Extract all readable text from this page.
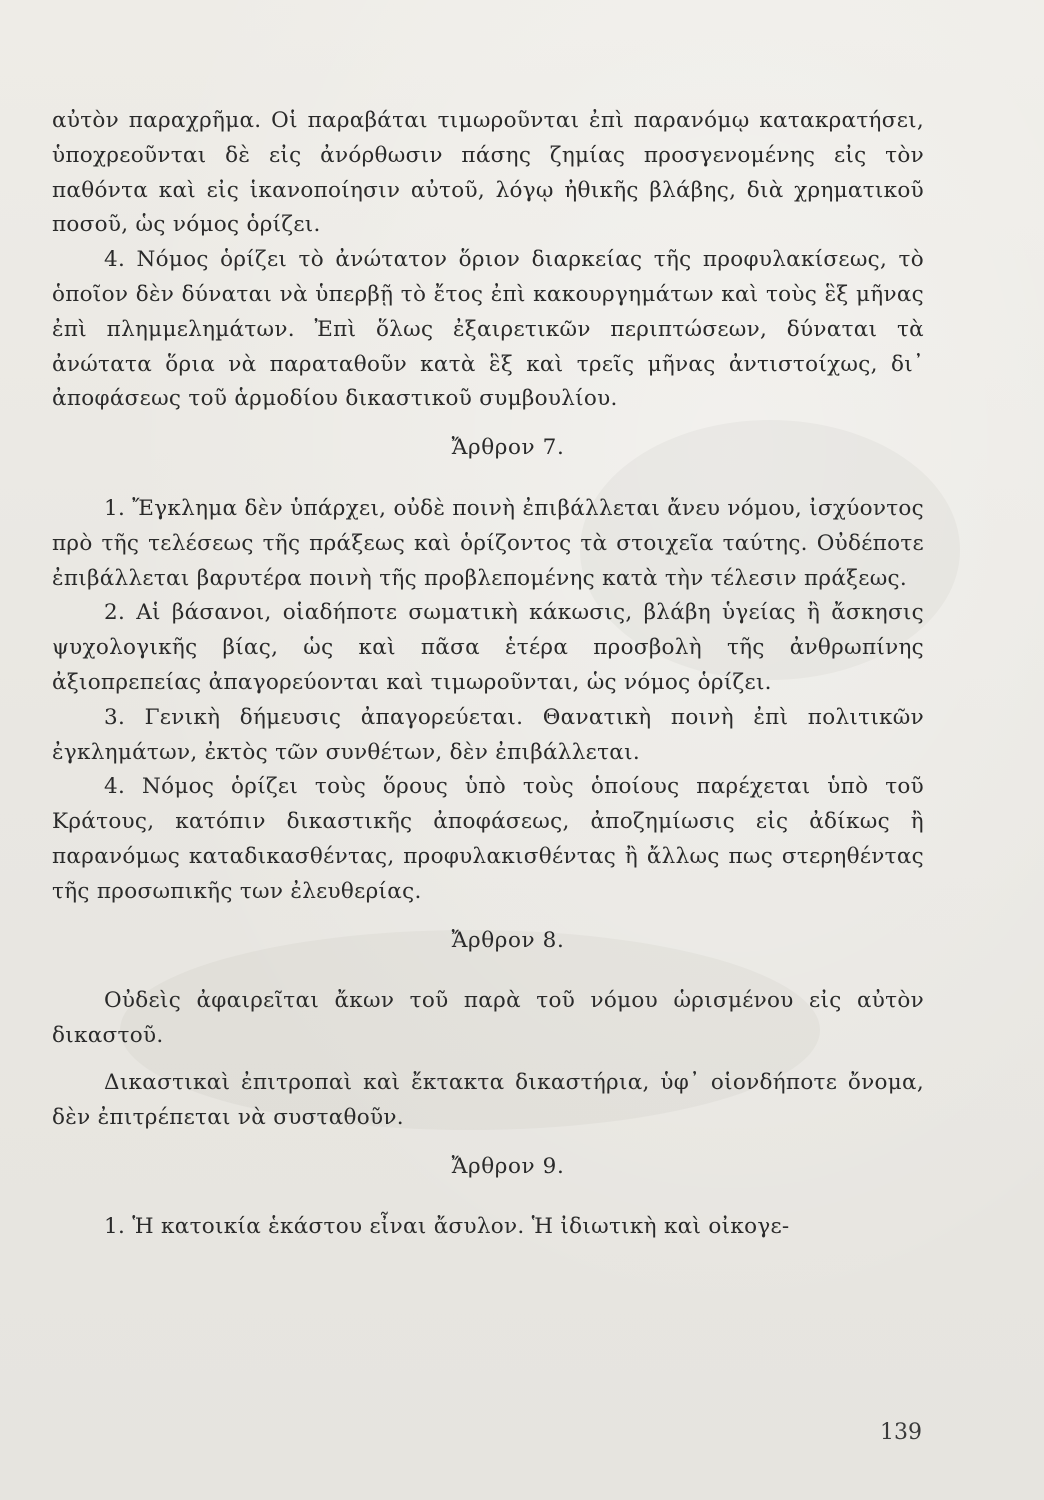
αὐτὸν παραχρῆμα. Οἱ παραβάται τιμωροῦνται ἐπὶ παρανόμῳ κατακρατήσει, ὑποχρεοῦνται δὲ εἰς ἀνόρθωσιν πάσης ζημίας προσγενομένης εἰς τὸν παθόντα καὶ εἰς ἱκανοποίησιν αὐτοῦ, λόγῳ ἠθικῆς βλάβης, διὰ χρηματικοῦ ποσοῦ, ὡς νόμος ὁρίζει.

4. Νόμος ὁρίζει τὸ ἀνώτατον ὅριον διαρκείας τῆς προφυλακίσεως, τὸ ὁποῖον δὲν δύναται νὰ ὑπερβῇ τὸ ἔτος ἐπὶ κακουργημάτων καὶ τοὺς ἓξ μῆνας ἐπὶ πλημμεληµάτων. Ἐπὶ ὅλως ἐξαιρετικῶν περιπτώσεων, δύναται τὰ ἀνώτατα ὅρια νὰ παραταθοῦν κατὰ ἓξ καὶ τρεῖς μῆνας ἀντιστοίχως, δι᾽ ἀποφάσεως τοῦ ἁρμοδίου δικαστικοῦ συμβουλίου.

Ἄρθρον 7.

1. Ἔγκλημα δὲν ὑπάρχει, οὐδὲ ποινὴ ἐπιβάλλεται ἄνευ νόμου, ἰσχύοντος πρὸ τῆς τελέσεως τῆς πράξεως καὶ ὁρίζοντος τὰ στοιχεῖα ταύτης. Οὐδέποτε ἐπιβάλλεται βαρυτέρα ποινὴ τῆς προβλεπομένης κατὰ τὴν τέλεσιν πράξεως.

2. Αἱ βάσανοι, οἱαδήποτε σωματικὴ κάκωσις, βλάβη ὑγείας ἢ ἄσκησις ψυχολογικῆς βίας, ὡς καὶ πᾶσα ἑτέρα προσβολὴ τῆς ἀνθρωπίνης ἀξιοπρεπείας ἀπαγορεύονται καὶ τιμωροῦνται, ὡς νόμος ὁρίζει.

3. Γενικὴ δήμευσις ἀπαγορεύεται. Θανατικὴ ποινὴ ἐπὶ πολιτικῶν ἐγκλημάτων, ἐκτὸς τῶν συνθέτων, δὲν ἐπιβάλλεται.

4. Νόμος ὁρίζει τοὺς ὅρους ὑπὸ τοὺς ὁποίους παρέχεται ὑπὸ τοῦ Κράτους, κατόπιν δικαστικῆς ἀποφάσεως, ἀποζημίωσις εἰς ἀδίκως ἢ παρανόμως καταδικασθέντας, προφυλακισθέντας ἢ ἄλλως πως στερηθέντας τῆς προσωπικῆς των ἐλευθερίας.

Ἄρθρον 8.

Οὐδεὶς ἀφαιρεῖται ἄκων τοῦ παρὰ τοῦ νόμου ὡρισμένου εἰς αὐτὸν δικαστοῦ.

Δικαστικαὶ ἐπιτροπαὶ καὶ ἔκτακτα δικαστήρια, ὑφ᾽ οἱονδήποτε ὄνομα, δὲν ἐπιτρέπεται νὰ συσταθοῦν.

Ἄρθρον 9.

1. Ἡ κατοικία ἑκάστου εἶναι ἄσυλον. Ἡ ἰδιωτικὴ καὶ οἰκογε-

139
